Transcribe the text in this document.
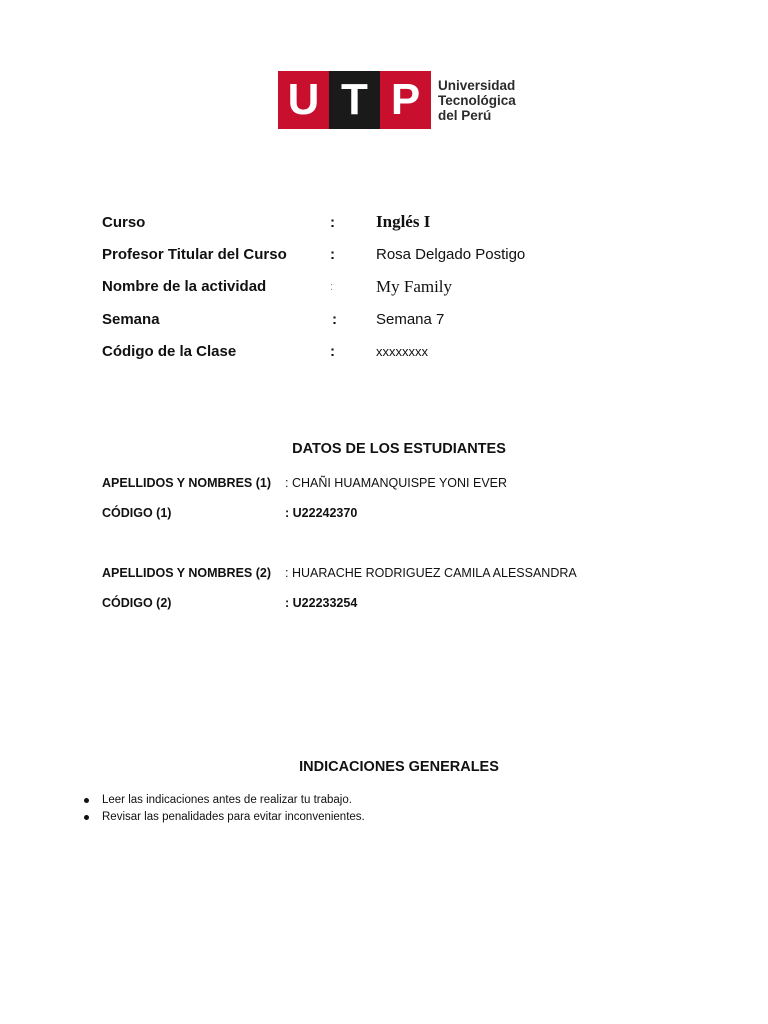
U T P	Universidad
Tecnológica
del Perú
Curso	: Inglés I
Profesor Titular del Curso	:	Rosa Delgado Postigo
Nombre de la actividad	:	My Family
Semana	:	Semana 7
Código de la Clase	:	xxxxxxxx
DATOS DE LOS ESTUDIANTES
APELLIDOS Y NOMBRES (1) : CHAÑI HUAMANQUISPE YONI EVER
CÓDIGO (1)	: U22242370
APELLIDOS Y NOMBRES (2) : HUARACHE RODRIGUEZ CAMILA ALESSANDRA
CÓDIGO (2)	: U22233254
INDICACIONES GENERALES
Leer las indicaciones antes de realizar tu trabajo.
Revisar las penalidades para evitar inconvenientes.
